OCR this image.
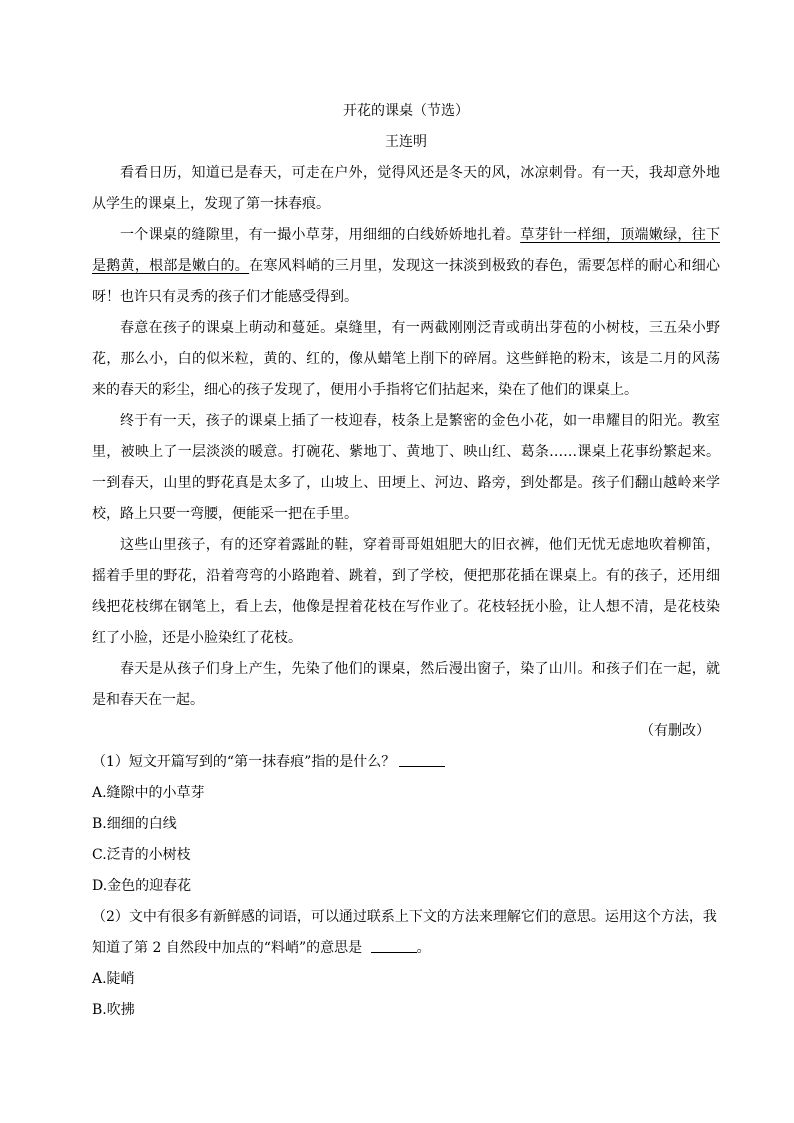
开花的课桌（节选）
王连明

看看日历，知道已是春天，可走在户外，觉得风还是冬天的风，冰凉刺骨。有一天，我却意外地从学生的课桌上，发现了第一抹春痕。

一个课桌的缝隙里，有一撮小草芽，用细细的白线娇娇地扎着。草芽针一样细，顶端嫩绿，往下是鹅黄，根部是嫩白的。在寒风料峭的三月里，发现这一抹淡到极致的春色，需要怎样的耐心和细心呀！也许只有灵秀的孩子们才能感受得到。

春意在孩子的课桌上萌动和蔓延。桌缝里，有一两截刚刚泛青或萌出芽苞的小树枝，三五朵小野花，那么小，白的似米粒，黄的、红的，像从蜡笔上削下的碎屑。这些鲜艳的粉末，该是二月的风荡来的春天的彩尘，细心的孩子发现了，便用小手指将它们拈起来，染在了他们的课桌上。

终于有一天，孩子的课桌上插了一枝迎春，枝条上是繁密的金色小花，如一串耀目的阳光。教室里，被映上了一层淡淡的暖意。打碗花、紫地丁、黄地丁、映山红、葛条……课桌上花事纷繁起来。一到春天，山里的野花真是太多了，山坡上、田埂上、河边、路旁，到处都是。孩子们翻山越岭来学校，路上只要一弯腰，便能采一把在手里。

这些山里孩子，有的还穿着露趾的鞋，穿着哥哥姐姐肥大的旧衣裤，他们无忧无虑地吹着柳笛，摇着手里的野花，沿着弯弯的小路跑着、跳着，到了学校，便把那花插在课桌上。有的孩子，还用细线把花枝绑在钢笔上，看上去，他像是捏着花枝在写作业了。花枝轻抚小脸，让人想不清，是花枝染红了小脸，还是小脸染红了花枝。

春天是从孩子们身上产生，先染了他们的课桌，然后漫出窗子，染了山川。和孩子们在一起，就是和春天在一起。

（有删改）

（1）短文开篇写到的“第一抹春痕”指的是什么？

A.缝隙中的小草芽

B.细细的白线

C.泛青的小树枝

D.金色的迎春花

（2）文中有很多有新鲜感的词语，可以通过联系上下文的方法来理解它们的意思。运用这个方法，我

知道了第 2 自然段中加点的“料峭”的意思是	。

A.陡峭

B.吹拂
